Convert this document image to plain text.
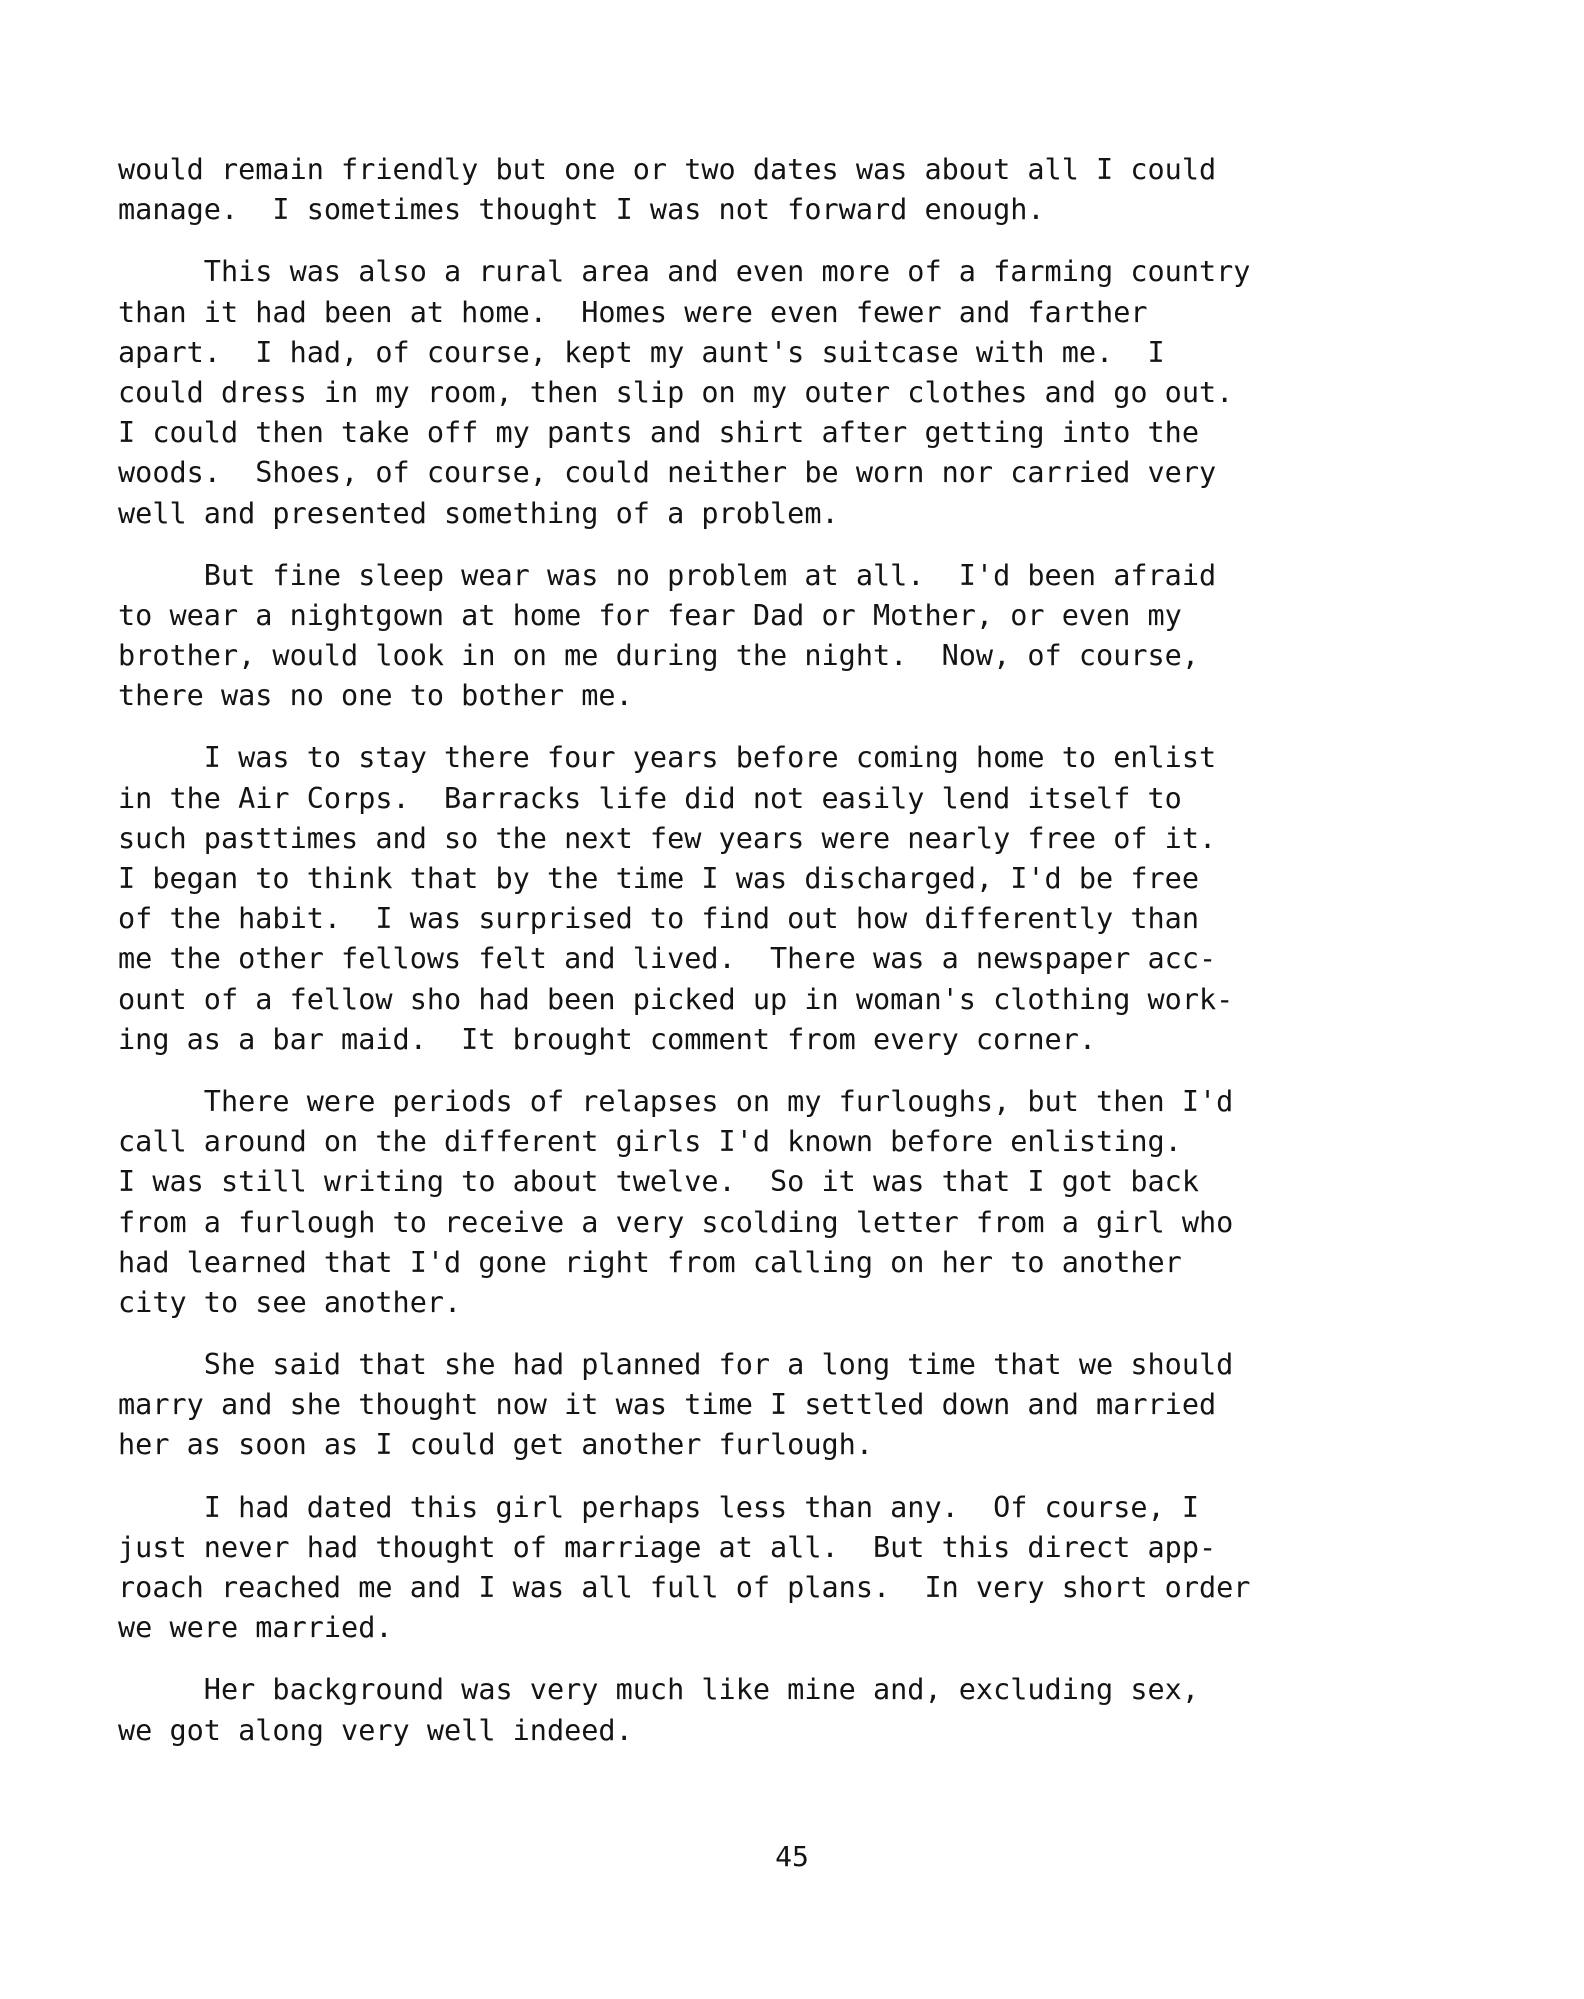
would remain friendly but one or two dates was about all I could
manage.  I sometimes thought I was not forward enough.
This was also a rural area and even more of a farming country
than it had been at home.  Homes were even fewer and farther
apart.  I had, of course, kept my aunt's suitcase with me.  I
could dress in my room, then slip on my outer clothes and go out.
I could then take off my pants and shirt after getting into the
woods.  Shoes, of course, could neither be worn nor carried very
well and presented something of a problem.
But fine sleep wear was no problem at all.  I'd been afraid
to wear a nightgown at home for fear Dad or Mother, or even my
brother, would look in on me during the night.  Now, of course,
there was no one to bother me.
I was to stay there four years before coming home to enlist
in the Air Corps.  Barracks life did not easily lend itself to
such pasttimes and so the next few years were nearly free of it.
I began to think that by the time I was discharged, I'd be free
of the habit.  I was surprised to find out how differently than
me the other fellows felt and lived.  There was a newspaper acc-
ount of a fellow sho had been picked up in woman's clothing work-
ing as a bar maid.  It brought comment from every corner.
There were periods of relapses on my furloughs, but then I'd
call around on the different girls I'd known before enlisting.
I was still writing to about twelve.  So it was that I got back
from a furlough to receive a very scolding letter from a girl who
had learned that I'd gone right from calling on her to another
city to see another.
She said that she had planned for a long time that we should
marry and she thought now it was time I settled down and married
her as soon as I could get another furlough.
I had dated this girl perhaps less than any.  Of course, I
just never had thought of marriage at all.  But this direct app-
roach reached me and I was all full of plans.  In very short order
we were married.
Her background was very much like mine and, excluding sex,
we got along very well indeed.
45
